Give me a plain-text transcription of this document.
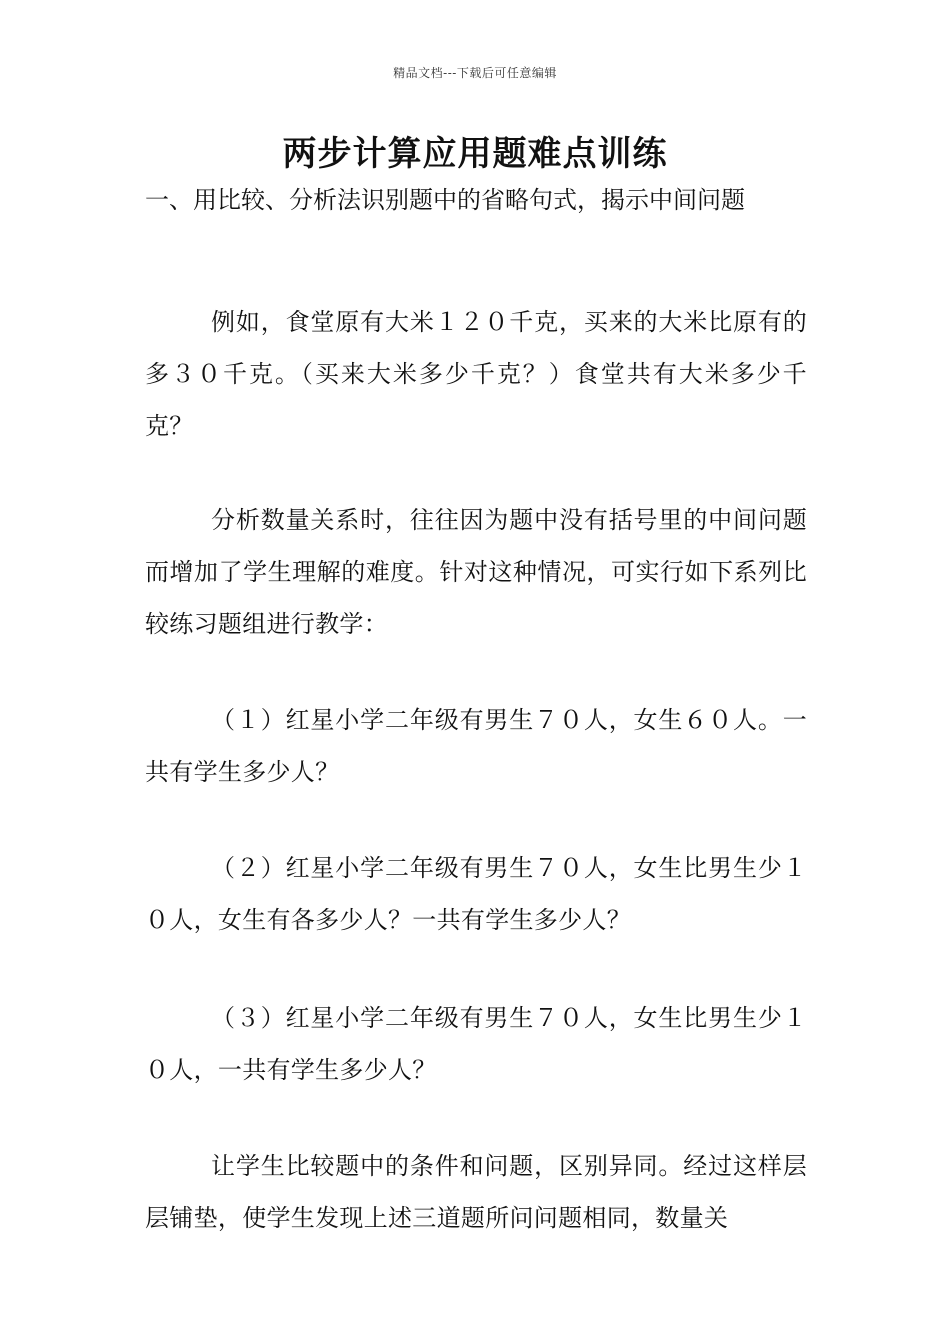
精品文档---下载后可任意编辑
两步计算应用题难点训练
一、用比较、分析法识别题中的省略句式，揭示中间问题

例如，食堂原有大米１２０千克，买来的大米比原有的多３０千克。（买来大米多少千克？）食堂共有大米多少千克？

分析数量关系时，往往因为题中没有括号里的中间问题而增加了学生理解的难度。针对这种情况，可实行如下系列比较练习题组进行教学：

（１）红星小学二年级有男生７０人，女生６０人。一共有学生多少人？

（２）红星小学二年级有男生７０人，女生比男生少１０人，女生有各多少人？一共有学生多少人？

（３）红星小学二年级有男生７０人，女生比男生少１０人，一共有学生多少人？

让学生比较题中的条件和问题，区别异同。经过这样层层铺垫，使学生发现上述三道题所问问题相同，数量关
